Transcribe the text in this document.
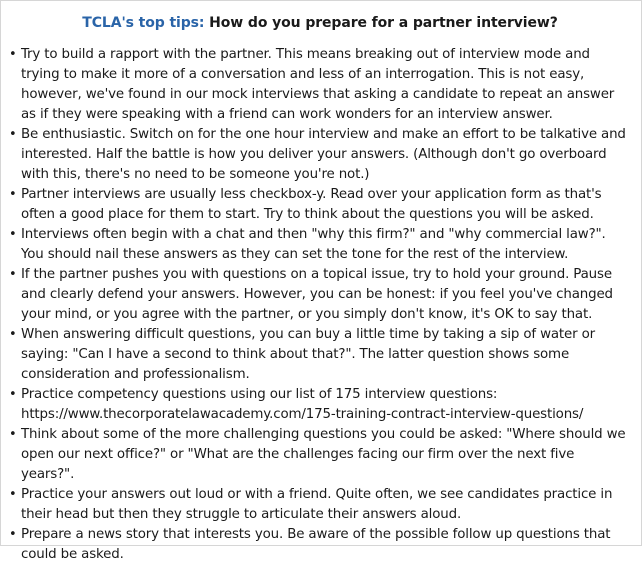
TCLA's top tips: How do you prepare for a partner interview?
• Try to build a rapport with the partner. This means breaking out of interview mode and trying to make it more of a conversation and less of an interrogation. This is not easy, however, we've found in our mock interviews that asking a candidate to repeat an answer as if they were speaking with a friend can work wonders for an interview answer.
• Be enthusiastic. Switch on for the one hour interview and make an effort to be talkative and interested. Half the battle is how you deliver your answers. (Although don't go overboard with this, there's no need to be someone you're not.)
• Partner interviews are usually less checkbox-y. Read over your application form as that's often a good place for them to start. Try to think about the questions you will be asked.
• Interviews often begin with a chat and then "why this firm?" and "why commercial law?". You should nail these answers as they can set the tone for the rest of the interview.
• If the partner pushes you with questions on a topical issue, try to hold your ground. Pause and clearly defend your answers. However, you can be honest: if you feel you've changed your mind, or you agree with the partner, or you simply don't know, it's OK to say that.
• When answering difficult questions, you can buy a little time by taking a sip of water or saying: "Can I have a second to think about that?". The latter question shows some consideration and professionalism.
• Practice competency questions using our list of 175 interview questions: https://www.thecorporatelawacademy.com/175-training-contract-interview-questions/
• Think about some of the more challenging questions you could be asked: "Where should we open our next office?" or "What are the challenges facing our firm over the next five years?".
• Practice your answers out loud or with a friend. Quite often, we see candidates practice in their head but then they struggle to articulate their answers aloud.
• Prepare a news story that interests you. Be aware of the possible follow up questions that could be asked.
